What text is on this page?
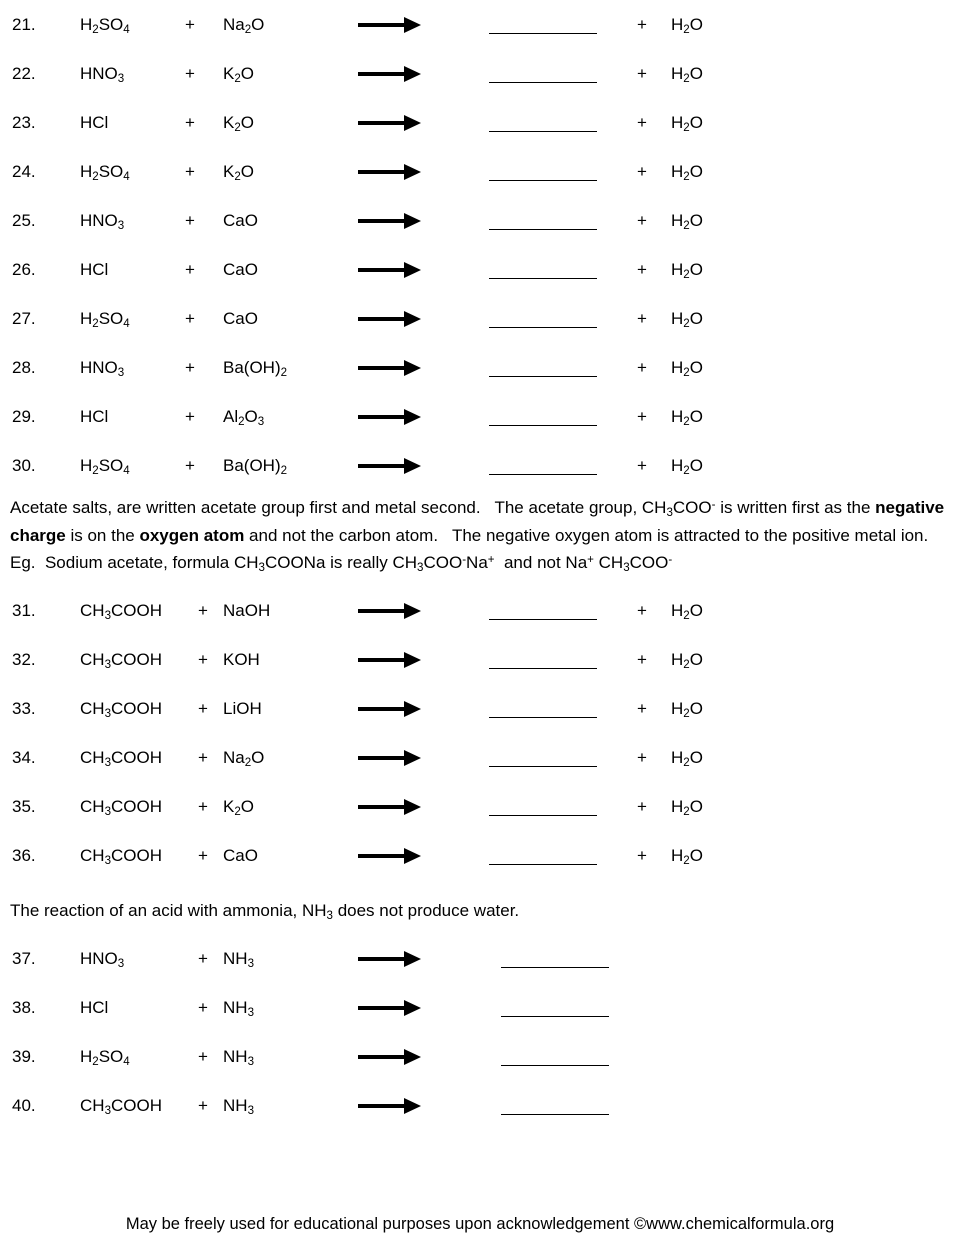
21.	$H_2SO_4$	+	$Na_2O$	+	$H_2O$
22.	$HNO_3$	+	$K_2O$	+	$H_2O$
23.	HCl	+	$K_2O$	+	$H_2O$
24.	$H_2SO_4$	+	$K_2O$	+	$H_2O$
25.	$HNO_3$	+	CaO	+	$H_2O$
26.	HCl	+	CaO	+	$H_2O$
27.	$H_2SO_4$	+	CaO	+	$H_2O$
28.	$HNO_3$	+	$Ba(OH)_2$	+	$H_2O$
29.	HCl	+	$Al_2O_3$	+	$H_2O$
30.	$H_2SO_4$	+	$Ba(OH)_2$	+	$H_2O$
Acetate salts, are written acetate group first and metal second. The acetate group, $CH_3COO^-$ is written first as the negative charge is on the oxygen atom and not the carbon atom. The negative oxygen atom is attracted to the positive metal ion.  Eg.  Sodium acetate, formula $CH_3COONa$ is really $CH_3COO^-Na^+$  and not Na+ $CH_3COO^-$
31.	$CH_3COOH$	+ NaOH	+	$H_2O$
32.	$CH_3COOH$	+ KOH	+	$H_2O$
33.	$CH_3COOH$	+ LiOH	+	$H_2O$
34.	$CH_3COOH$	+ $Na_2O$	+	$H_2O$
35.	$CH_3COOH$	+ $K_2O$	+	$H_2O$
36.	$CH_3COOH$	+ CaO	+	$H_2O$
The reaction of an acid with ammonia, $NH_3$ does not produce water.
37.	$HNO_3$	+ $NH_3$
38.	HCl	+ $NH_3$
39.	$H_2SO_4$	+ $NH_3$
40.	$CH_3COOH$	+ $NH_3$
May be freely used for educational purposes upon acknowledgement ©www.chemicalformula.org
